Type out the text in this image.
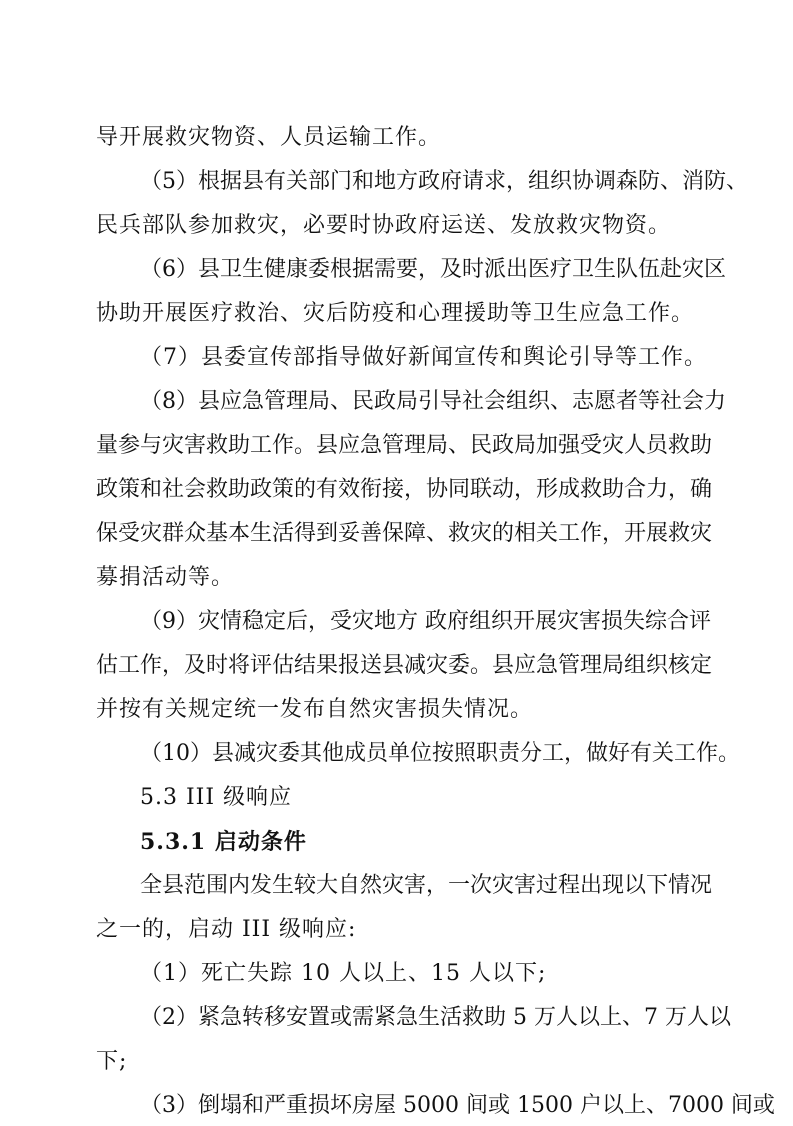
导开展救灾物资、人员运输工作。
（5）根据县有关部门和地方政府请求，组织协调森防、消防、
民兵部队参加救灾，必要时协政府运送、发放救灾物资。
（6）县卫生健康委根据需要，及时派出医疗卫生队伍赴灾区
协助开展医疗救治、灾后防疫和心理援助等卫生应急工作。
（7）县委宣传部指导做好新闻宣传和舆论引导等工作。
（8）县应急管理局、民政局引导社会组织、志愿者等社会力
量参与灾害救助工作。县应急管理局、民政局加强受灾人员救助
政策和社会救助政策的有效衔接，协同联动，形成救助合力，确
保受灾群众基本生活得到妥善保障、救灾的相关工作，开展救灾
募捐活动等。
（9）灾情稳定后，受灾地方 政府组织开展灾害损失综合评
估工作，及时将评估结果报送县减灾委。县应急管理局组织核定
并按有关规定统一发布自然灾害损失情况。
（10）县减灾委其他成员单位按照职责分工，做好有关工作。
5.3 III 级响应
5.3.1 启动条件
全县范围内发生较大自然灾害，一次灾害过程出现以下情况
之一的，启动 III 级响应:
（1）死亡失踪 10 人以上、15 人以下;
（2）紧急转移安置或需紧急生活救助 5 万人以上、7 万人以
下;
（3）倒塌和严重损坏房屋 5000 间或 1500 户以上、7000 间或
